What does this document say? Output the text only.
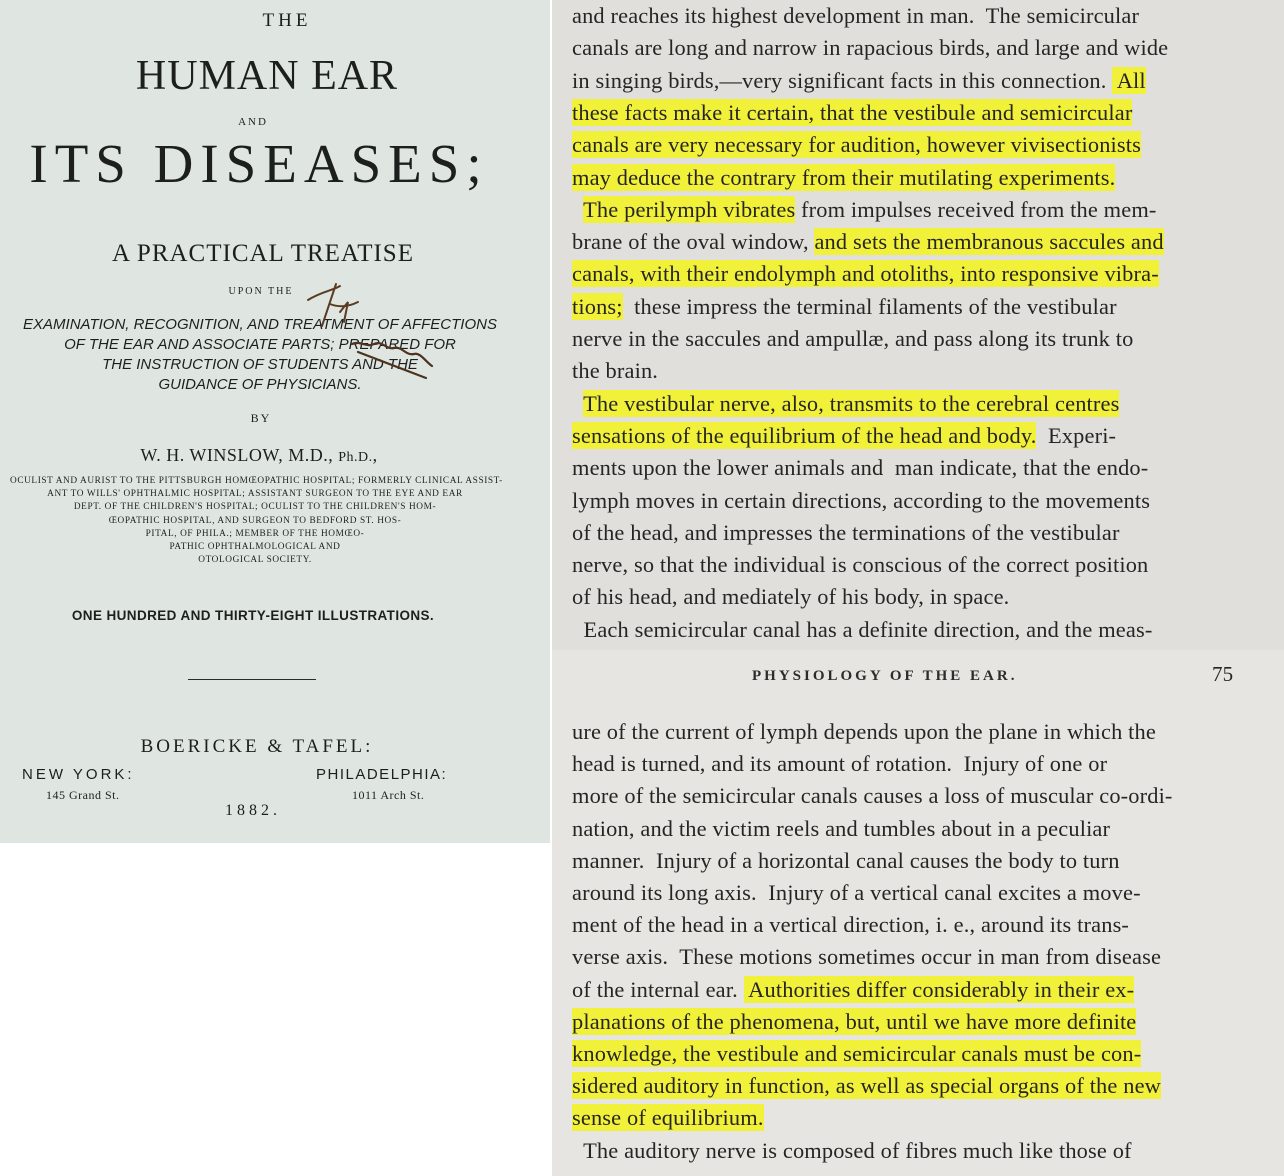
THE
HUMAN EAR
AND
ITS DISEASES;
A PRACTICAL TREATISE
UPON THE
EXAMINATION, RECOGNITION, AND TREATMENT OF AFFECTIONS
OF THE EAR AND ASSOCIATE PARTS; PREPARED FOR
THE INSTRUCTION OF STUDENTS AND THE
GUIDANCE OF PHYSICIANS.
BY
W. H. WINSLOW, M.D., Ph.D.,
OCULIST AND AURIST TO THE PITTSBURGH HOMŒOPATHIC HOSPITAL; FORMERLY CLINICAL ASSIST-
ANT TO WILLS' OPHTHALMIC HOSPITAL; ASSISTANT SURGEON TO THE EYE AND EAR
DEPT. OF THE CHILDREN'S HOSPITAL; OCULIST TO THE CHILDREN'S HOM-
ŒOPATHIC HOSPITAL, AND SURGEON TO BEDFORD ST. HOS-
PITAL, OF PHILA.; MEMBER OF THE HOMŒO-
PATHIC OPHTHALMOLOGICAL AND
OTOLOGICAL SOCIETY.
ONE HUNDRED AND THIRTY-EIGHT ILLUSTRATIONS.
BOERICKE & TAFEL:
NEW YORK:	PHILADELPHIA:
145 Grand St.	1011 Arch St.
1882.
and reaches its highest development in man.  The semicircular
canals are long and narrow in rapacious birds, and large and wide
in singing birds,—very significant facts in this connection.  All
these facts make it certain, that the vestibule and semicircular
canals are very necessary for audition, however vivisectionists
may deduce the contrary from their mutilating experiments.
The perilymph vibrates from impulses received from the mem-
brane of the oval window, and sets the membranous saccules and
canals, with their endolymph and otoliths, into responsive vibra-
tions;  these impress the terminal filaments of the vestibular
nerve in the saccules and ampullæ, and pass along its trunk to
the brain.
The vestibular nerve, also, transmits to the cerebral centres
sensations of the equilibrium of the head and body.  Experi-
ments upon the lower animals and  man indicate, that the endo-
lymph moves in certain directions, according to the movements
of the head, and impresses the terminations of the vestibular
nerve, so that the individual is conscious of the correct position
of his head, and mediately of his body, in space.
Each semicircular canal has a definite direction, and the meas-
PHYSIOLOGY OF THE EAR.	75
ure of the current of lymph depends upon the plane in which the
head is turned, and its amount of rotation.  Injury of one or
more of the semicircular canals causes a loss of muscular co-ordi-
nation, and the victim reels and tumbles about in a peculiar
manner.  Injury of a horizontal canal causes the body to turn
around its long axis.  Injury of a vertical canal excites a move-
ment of the head in a vertical direction, i. e., around its trans-
verse axis.  These motions sometimes occur in man from disease
of the internal ear.  Authorities differ considerably in their ex-
planations of the phenomena, but, until we have more definite
knowledge, the vestibule and semicircular canals must be con-
sidered auditory in function, as well as special organs of the new
sense of equilibrium.
The auditory nerve is composed of fibres much like those of
